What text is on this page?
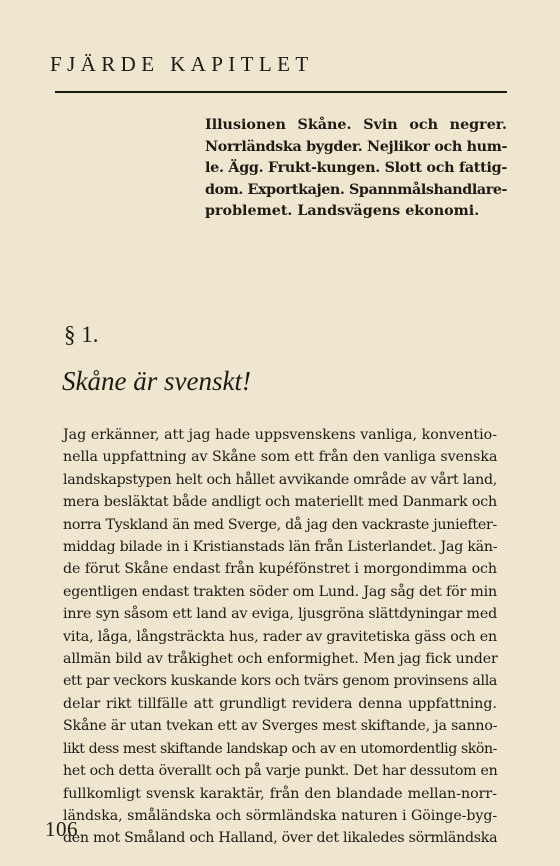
FJÄRDE KAPITLET
Illusionen Skåne. Svin och negrer.
Norrländska bygder. Nejlikor och hum-
le. Ägg. Frukt-kungen. Slott och fattig-
dom. Exportkajen. Spannmålshandlare-
problemet. Landsvägens ekonomi.
§ 1.
Skåne är svenskt!
Jag erkänner, att jag hade uppsvenskens vanliga, konventio-
nella uppfattning av Skåne som ett från den vanliga svenska
landskapstypen helt och hållet avvikande område av vårt land,
mera besläktat både andligt och materiellt med Danmark och
norra Tyskland än med Sverge, då jag den vackraste juniefter-
middag bilade in i Kristianstads län från Listerlandet. Jag kän-
de förut Skåne endast från kupéfönstret i morgondimma och
egentligen endast trakten söder om Lund. Jag såg det för min
inre syn såsom ett land av eviga, ljusgröna slättdyningar med
vita, låga, långsträckta hus, rader av gravitetiska gäss och en
allmän bild av tråkighet och enformighet. Men jag fick under
ett par veckors kuskande kors och tvärs genom provinsens alla
delar rikt tillfälle att grundligt revidera denna uppfattning.
Skåne är utan tvekan ett av Sverges mest skiftande, ja sanno-
likt dess mest skiftande landskap och av en utomordentlig skön-
het och detta överallt och på varje punkt. Det har dessutom en
fullkomligt svensk karaktär, från den blandade mellan-norr-
ländska, småländska och sörmländska naturen i Göinge-byg-
den mot Småland och Halland, över det likaledes sörmländska
106
